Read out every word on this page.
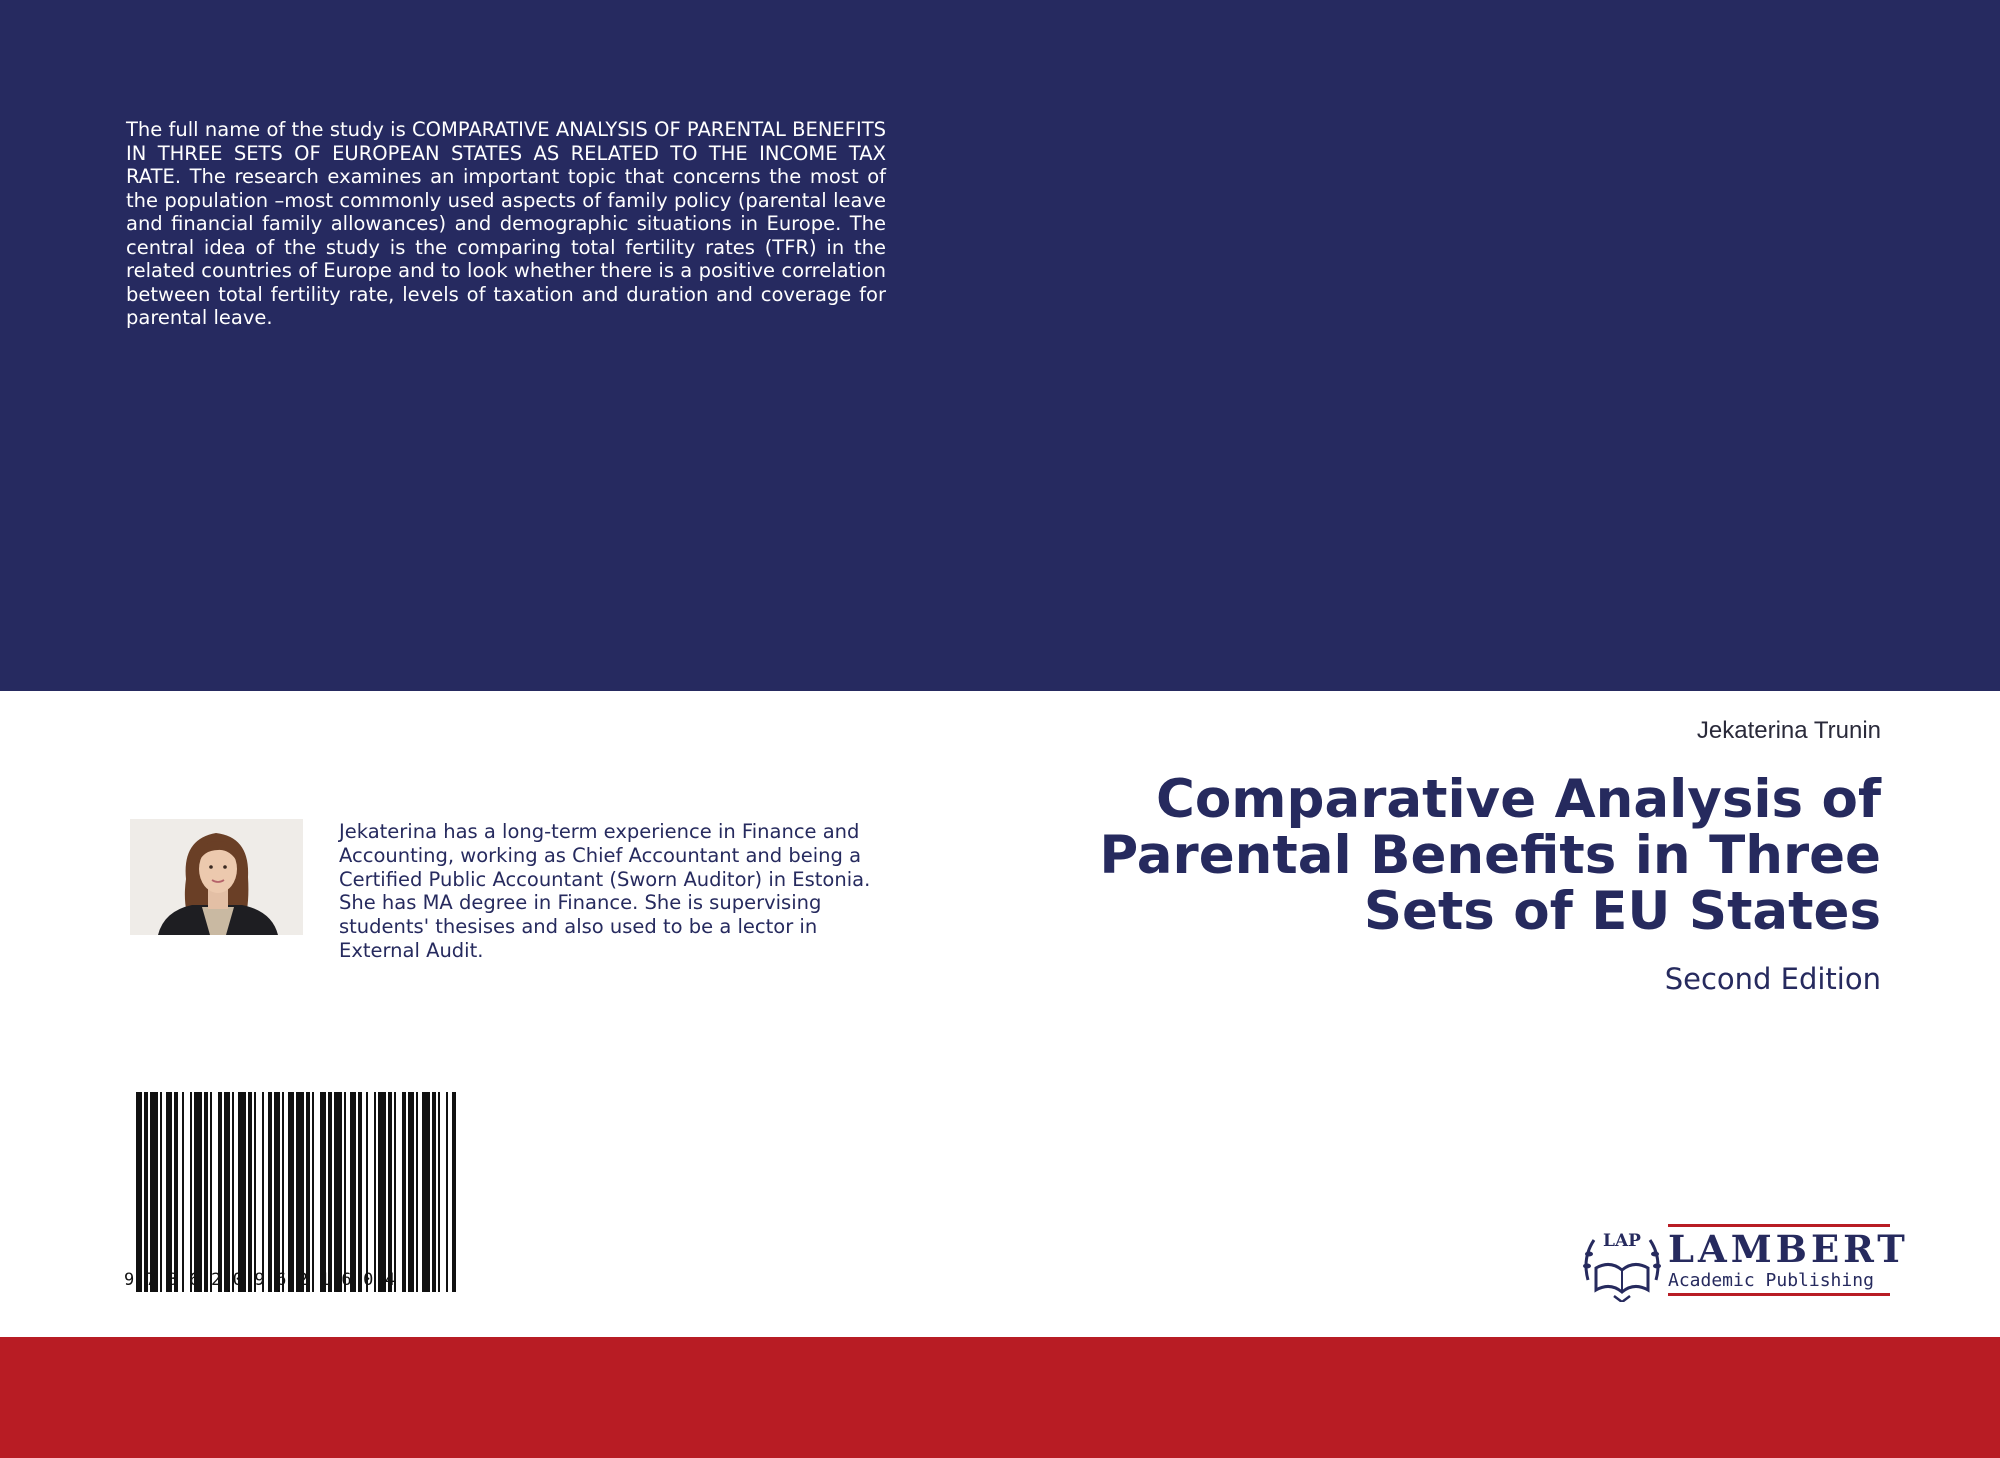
The full name of the study is COMPARATIVE ANALYSIS OF PARENTAL BENEFITS IN THREE SETS OF EUROPEAN STATES AS RELATED TO THE INCOME TAX RATE. The research examines an important topic that concerns the most of the population –most commonly used aspects of family policy (parental leave and financial family allowances) and demographic situations in Europe. The central idea of the study is the comparing total fertility rates (TFR) in the related countries of Europe and to look whether there is a positive correlation between total fertility rate, levels of taxation and duration and coverage for parental leave.
Jekaterina Trunin
Comparative Analysis of Parental Benefits in Three Sets of EU States
Second Edition
Jekaterina has a long-term experience in Finance and Accounting, working as Chief Accountant and being a Certified Public Accountant (Sworn Auditor) in Estonia. She has MA degree in Finance. She is supervising students' thesises and also used to be a lector in External Audit.
9786209621604
LAP LAMBERT
Academic Publishing
